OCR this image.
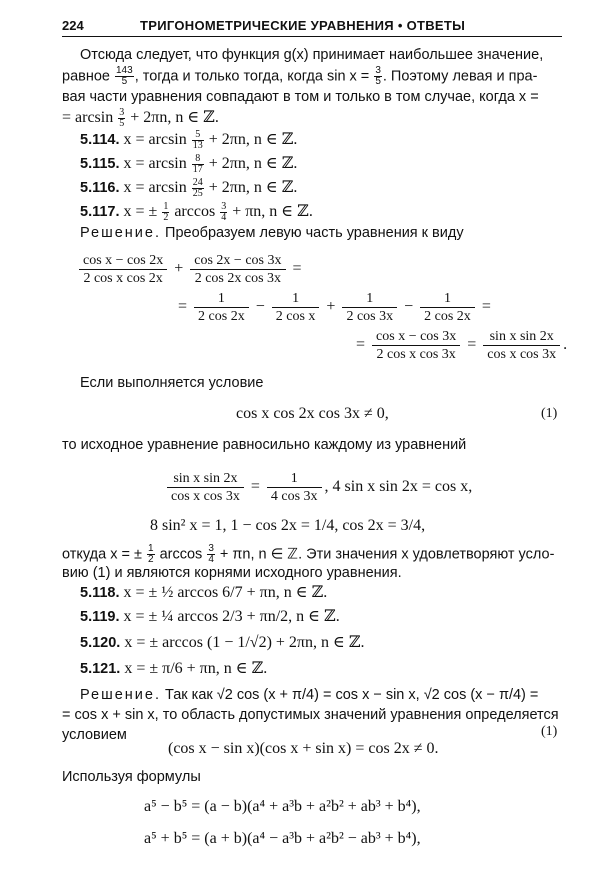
224	ТРИГОНОМЕТРИЧЕСКИЕ УРАВНЕНИЯ • ОТВЕТЫ
Отсюда следует, что функция g(x) принимает наибольшее значение,
равное $\frac{143}{5}$ , тогда и только тогда, когда $\sin x = \frac{3}{5}$ . Поэтому левая и пра-
вая части уравнения совпадают в том и только в том случае, когда x =
= $\arcsin \frac{3}{5} + 2\pi n$, n ∈ ℤ.
5.114. $x = \arcsin \frac{5}{13} + 2\pi n$, n ∈ ℤ.
5.115. $x = \arcsin \frac{8}{17} + 2\pi n$, n ∈ ℤ.
5.116. $x = \arcsin \frac{24}{25} + 2\pi n$, n ∈ ℤ.
5.117. x = ± $\frac{1}{2}$ $\arccos \frac{3}{4} + \pi n$, n ∈ ℤ.
Решение. Преобразуем левую часть уравнения к виду
$\frac{\text{cos x − cos 2x}}{\text{2 cos x cos 2x}} + \frac{\cos 2x - \cos 3x}{\text{2 cos 2x cos 3x}}$ =
= $\frac{1}{2 \cos 2x} - \frac{1}{\text{2 cos x}} + \frac{1}{2 \cos 3x} - \frac{1}{2 \cos 2x}$ =
= $\frac{\text{cos x − cos 3x}}{\text{2 cos x cos 3x}} = \frac{\text{sin x sin 2x}}{\text{cos x cos 3x}}$ .
Если выполняется условие
cos x cos 2x cos 3x ≠ 0,	(1)
то исходное уравнение равносильно каждому из уравнений
$\frac{\text{sin x sin 2x}}{\text{cos x cos 3x}} = \frac{1}{4 \cos 3x}$ , 4 sin x sin 2x = cos x,
8 sin² x = 1, 1 − cos 2x = 1/4, cos 2x = 3/4,
откуда x = ± $\frac{1}{2}$ $\arccos \frac{3}{4} + \pi n$, n ∈ ℤ. Эти значения x удовлетворяют усло-
вию (1) и являются корнями исходного уравнения.
5.118. x = ± ½ arccos 6/7 + πn, n ∈ ℤ.
5.119. x = ± ¼ arccos 2/3 + πn/2, n ∈ ℤ.
5.120. x = ± arccos (1 − 1/√2) + 2πn, n ∈ ℤ.
5.121. x = ± π/6 + πn, n ∈ ℤ.
Решение. Так как √2 cos (x + π/4) = cos x − sin x, √2 cos (x − π/4) =
= cos x + sin x, то область допустимых значений уравнения определяется
условием
(cos x − sin x)(cos x + sin x) = cos 2x ≠ 0.
(1)
Используя формулы
a⁵ − b⁵ = (a − b)(a⁴ + a³b + a²b² + ab³ + b⁴),
a⁵ + b⁵ = (a + b)(a⁴ − a³b + a²b² − ab³ + b⁴),
